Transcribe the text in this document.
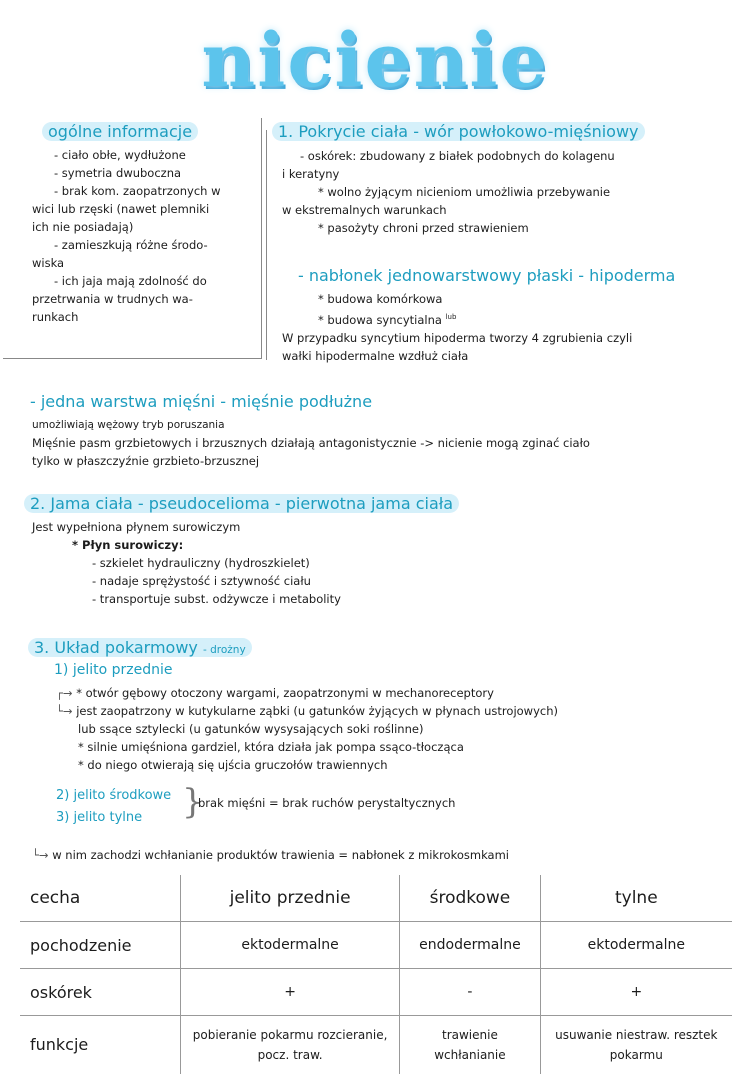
nicienie
ogólne informacje
- ciało obłe, wydłużone
- symetria dwuboczna
- brak kom. zaopatrzonych w
wici lub rzęski (nawet plemniki
ich nie posiadają)
- zamieszkują różne środo-
wiska
- ich jaja mają zdolność do
przetrwania w trudnych wa-
runkach
1. Pokrycie ciała - wór powłokowo-mięśniowy
- oskórek: zbudowany z białek podobnych do kolagenu
i keratyny
* wolno żyjącym nicieniom umożliwia przebywanie
w ekstremalnych warunkach
* pasożyty chroni przed strawieniem
- nabłonek jednowarstwowy płaski - hipoderma
* budowa komórkowa
* budowa syncytialna $^{lub}$
W przypadku syncytium hipoderma tworzy 4 zgrubienia czyli
wałki hipodermalne wzdłuż ciała
- jedna warstwa mięśni - mięśnie podłużne
umożliwiają wężowy tryb poruszania
Mięśnie pasm grzbietowych i brzusznych działają antagonistycznie -> nicienie mogą zginać ciało
tylko w płaszczyźnie grzbieto-brzusznej
2. Jama ciała - pseudocelioma - pierwotna jama ciała
Jest wypełniona płynem surowiczym
* Płyn surowiczy:
- szkielet hydrauliczny (hydroszkielet)
- nadaje sprężystość i sztywność ciału
- transportuje subst. odżywcze i metabolity
3. Układ pokarmowy - drożny
1) jelito przednie
┌→ * otwór gębowy otoczony wargami, zaopatrzonymi w mechanoreceptory
└→ jest zaopatrzony w kutykularne ząbki (u gatunków żyjących w płynach ustrojowych)
lub ssące sztylecki (u gatunków wysysających soki roślinne)
* silnie umięśniona gardziel, która działa jak pompa ssąco-tłocząca
* do niego otwierają się ujścia gruczołów trawiennych
2) jelito środkowe
3) jelito tylne	}
brak mięśni = brak ruchów perystaltycznych
└→ w nim zachodzi wchłanianie produktów trawienia = nabłonek z mikrokosmkami
cecha	jelito przednie	środkowe	tylne
pochodzenie	ektodermalne	endodermalne	ektodermalne
oskórek	+	-	+
funkcje	pobieranie pokarmu rozcieranie, pocz. traw.	trawienie wchłanianie	usuwanie niestraw. resztek pokarmu
